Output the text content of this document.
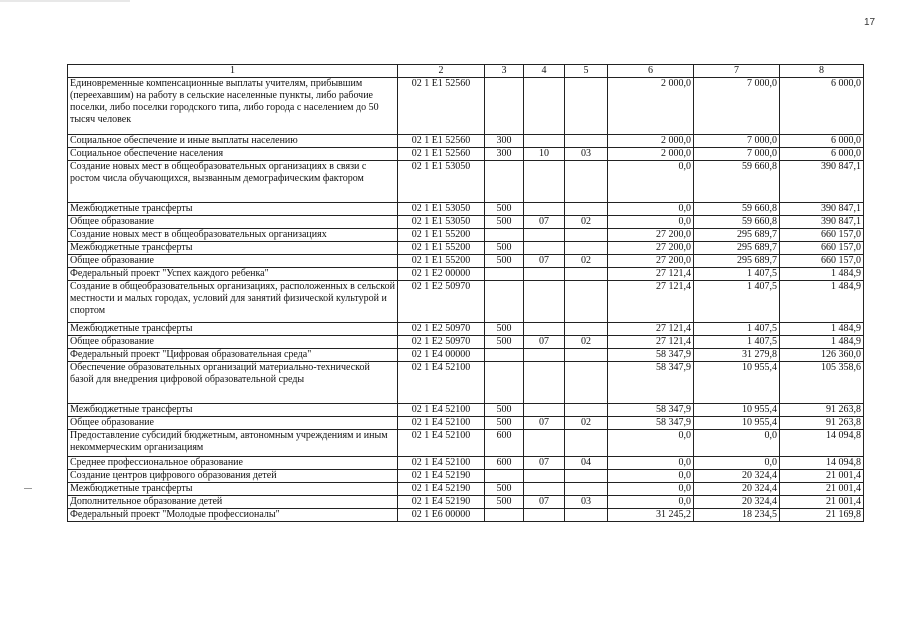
17
1	2	3	4	5	6	7	8
Единовременные компенсационные выплаты учителям, прибывшим (переехавшим) на работу в сельские населенные пункты, либо рабочие поселки, либо поселки городского типа, либо города с населением до 50 тысяч человек	02 1 E1 52560				2 000,0	7 000,0	6 000,0
Социальное обеспечение и иные выплаты населению	02 1 E1 52560	300			2 000,0	7 000,0	6 000,0
Социальное обеспечение населения	02 1 E1 52560	300	10	03	2 000,0	7 000,0	6 000,0
Создание новых мест в общеобразовательных организациях в связи с ростом числа обучающихся, вызванным демографическим фактором	02 1 E1 53050				0,0	59 660,8	390 847,1
Межбюджетные трансферты	02 1 E1 53050	500			0,0	59 660,8	390 847,1
Общее образование	02 1 E1 53050	500	07	02	0,0	59 660,8	390 847,1
Создание новых мест в общеобразовательных организациях	02 1 E1 55200				27 200,0	295 689,7	660 157,0
Межбюджетные трансферты	02 1 E1 55200	500			27 200,0	295 689,7	660 157,0
Общее образование	02 1 E1 55200	500	07	02	27 200,0	295 689,7	660 157,0
Федеральный проект "Успех каждого ребенка"	02 1 E2 00000				27 121,4	1 407,5	1 484,9
Создание в общеобразовательных организациях, расположенных в сельской местности и малых городах, условий для занятий физической культурой и спортом	02 1 E2 50970				27 121,4	1 407,5	1 484,9
Межбюджетные трансферты	02 1 E2 50970	500			27 121,4	1 407,5	1 484,9
Общее образование	02 1 E2 50970	500	07	02	27 121,4	1 407,5	1 484,9
Федеральный проект "Цифровая образовательная среда"	02 1 E4 00000				58 347,9	31 279,8	126 360,0
Обеспечение образовательных организаций материально-технической базой для внедрения цифровой образовательной среды	02 1 E4 52100				58 347,9	10 955,4	105 358,6
Межбюджетные трансферты	02 1 E4 52100	500			58 347,9	10 955,4	91 263,8
Общее образование	02 1 E4 52100	500	07	02	58 347,9	10 955,4	91 263,8
Предоставление субсидий бюджетным, автономным учреждениям и иным некоммерческим организациям	02 1 E4 52100	600			0,0	0,0	14 094,8
Среднее профессиональное образование	02 1 E4 52100	600	07	04	0,0	0,0	14 094,8
Создание центров цифрового образования детей	02 1 E4 52190				0,0	20 324,4	21 001,4
Межбюджетные трансферты	02 1 E4 52190	500			0,0	20 324,4	21 001,4
Дополнительное образование детей	02 1 E4 52190	500	07	03	0,0	20 324,4	21 001,4
Федеральный проект "Молодые профессионалы"	02 1 E6 00000				31 245,2	18 234,5	21 169,8
